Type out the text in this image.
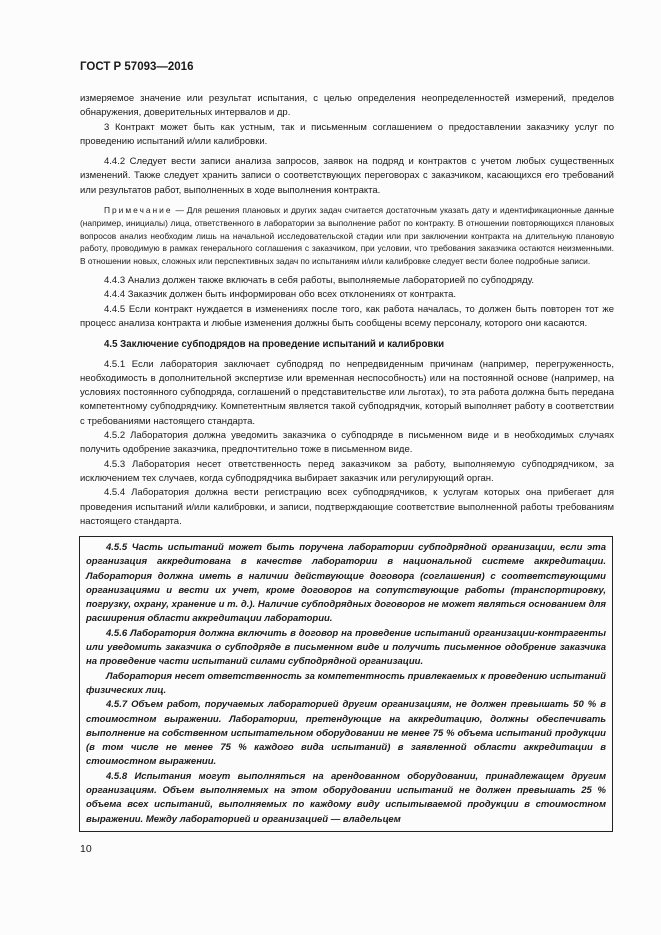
ГОСТ Р 57093—2016

измеряемое значение или результат испытания, с целью определения неопределенностей измерений, пределов обнаружения, доверительных интервалов и др.

3 Контракт может быть как устным, так и письменным соглашением о предоставлении заказчику услуг по проведению испытаний и/или калибровки.

4.4.2 Следует вести записи анализа запросов, заявок на подряд и контрактов с учетом любых существенных изменений. Также следует хранить записи о соответствующих переговорах с заказчиком, касающихся его требований или результатов работ, выполненных в ходе выполнения контракта.

Примечание — Для решения плановых и других задач считается достаточным указать дату и идентификационные данные (например, инициалы) лица, ответственного в лаборатории за выполнение работ по контракту. В отношении повторяющихся плановых вопросов анализ необходим лишь на начальной исследовательской стадии или при заключении контракта на длительную плановую работу, проводимую в рамках генерального соглашения с заказчиком, при условии, что требования заказчика остаются неизменными. В отношении новых, сложных или перспективных задач по испытаниям и/или калибровке следует вести более подробные записи.

4.4.3 Анализ должен также включать в себя работы, выполняемые лабораторией по субподряду.

4.4.4 Заказчик должен быть информирован обо всех отклонениях от контракта.

4.4.5 Если контракт нуждается в изменениях после того, как работа началась, то должен быть повторен тот же процесс анализа контракта и любые изменения должны быть сообщены всему персоналу, которого они касаются.

4.5 Заключение субподрядов на проведение испытаний и калибровки

4.5.1 Если лаборатория заключает субподряд по непредвиденным причинам (например, перегруженность, необходимость в дополнительной экспертизе или временная неспособность) или на постоянной основе (например, на условиях постоянного субподряда, соглашений о представительстве или льготах), то эта работа должна быть передана компетентному субподрядчику. Компетентным является такой субподрядчик, который выполняет работу в соответствии с требованиями настоящего стандарта.

4.5.2 Лаборатория должна уведомить заказчика о субподряде в письменном виде и в необходимых случаях получить одобрение заказчика, предпочтительно тоже в письменном виде.

4.5.3 Лаборатория несет ответственность перед заказчиком за работу, выполняемую субподрядчиком, за исключением тех случаев, когда субподрядчика выбирает заказчик или регулирующий орган.

4.5.4 Лаборатория должна вести регистрацию всех субподрядчиков, к услугам которых она прибегает для проведения испытаний и/или калибровки, и записи, подтверждающие соответствие выполненной работы требованиям настоящего стандарта.

4.5.5 Часть испытаний может быть поручена лаборатории субподрядной организации, если эта организация аккредитована в качестве лаборатории в национальной системе аккредитации. Лаборатория должна иметь в наличии действующие договора (соглашения) с соответствующими организациями и вести их учет, кроме договоров на сопутствующие работы (транспортировку, погрузку, охрану, хранение и т. д.). Наличие субподрядных договоров не может являться основанием для расширения области аккредитации лаборатории.

4.5.6 Лаборатория должна включить в договор на проведение испытаний организации-контрагенты или уведомить заказчика о субподряде в письменном виде и получить письменное одобрение заказчика на проведение части испытаний силами субподрядной организации.

Лаборатория несет ответственность за компетентность привлекаемых к проведению испытаний физических лиц.

4.5.7 Объем работ, поручаемых лабораторией другим организациям, не должен превышать 50 % в стоимостном выражении. Лаборатории, претендующие на аккредитацию, должны обеспечивать выполнение на собственном испытательном оборудовании не менее 75 % объема испытаний продукции (в том числе не менее 75 % каждого вида испытаний) в заявленной области аккредитации в стоимостном выражении.

4.5.8 Испытания могут выполняться на арендованном оборудовании, принадлежащем другим организациям. Объем выполняемых на этом оборудовании испытаний не должен превышать 25 % объема всех испытаний, выполняемых по каждому виду испытываемой продукции в стоимостном выражении. Между лабораторией и организацией — владельцем

10
